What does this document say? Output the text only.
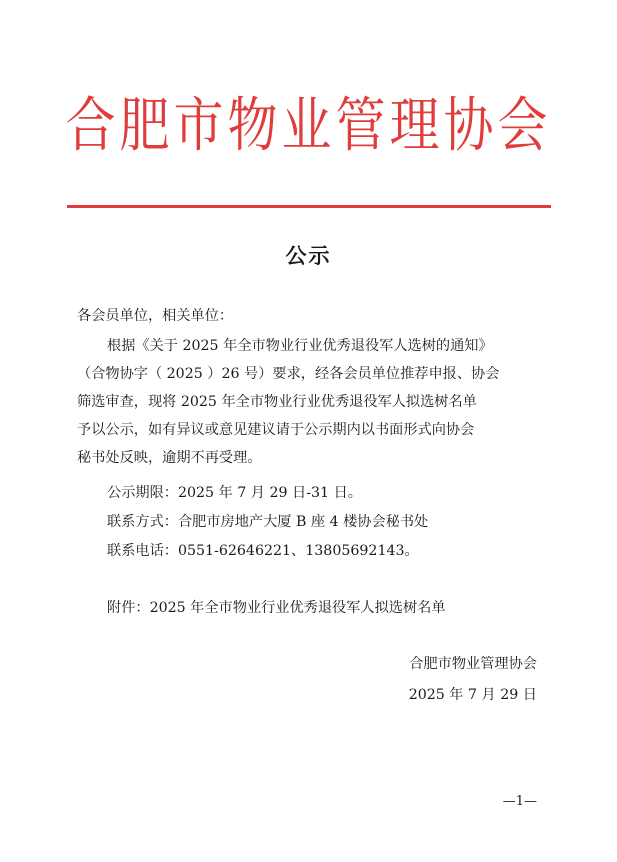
合肥市物业管理协会
公示
各会员单位，相关单位：
根据《关于 2025 年全市物业行业优秀退役军人选树的通知》
（合物协字（ 2025 ）26 号）要求，经各会员单位推荐申报、协会
筛选审查，现将 2025 年全市物业行业优秀退役军人拟选树名单
予以公示，如有异议或意见建议请于公示期内以书面形式向协会
秘书处反映，逾期不再受理。
公示期限：2025 年 7 月 29 日-31 日。
联系方式：合肥市房地产大厦 B 座 4 楼协会秘书处
联系电话：0551-62646221、13805692143。
附件：2025 年全市物业行业优秀退役军人拟选树名单
合肥市物业管理协会
2025 年 7 月 29 日
—1—
